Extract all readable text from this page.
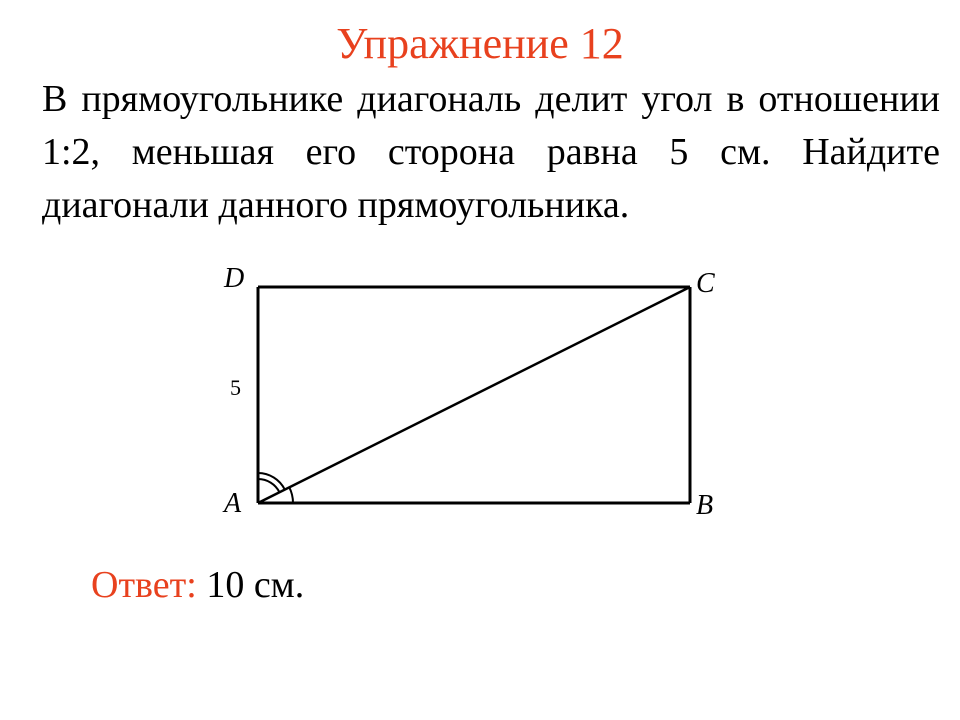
Упражнение 12
В прямоугольнике диагональ делит угол в отношении 1:2, меньшая его сторона равна 5 см. Найдите диагонали данного прямоугольника.
D	C
A	B
5
Ответ: 10 см.
